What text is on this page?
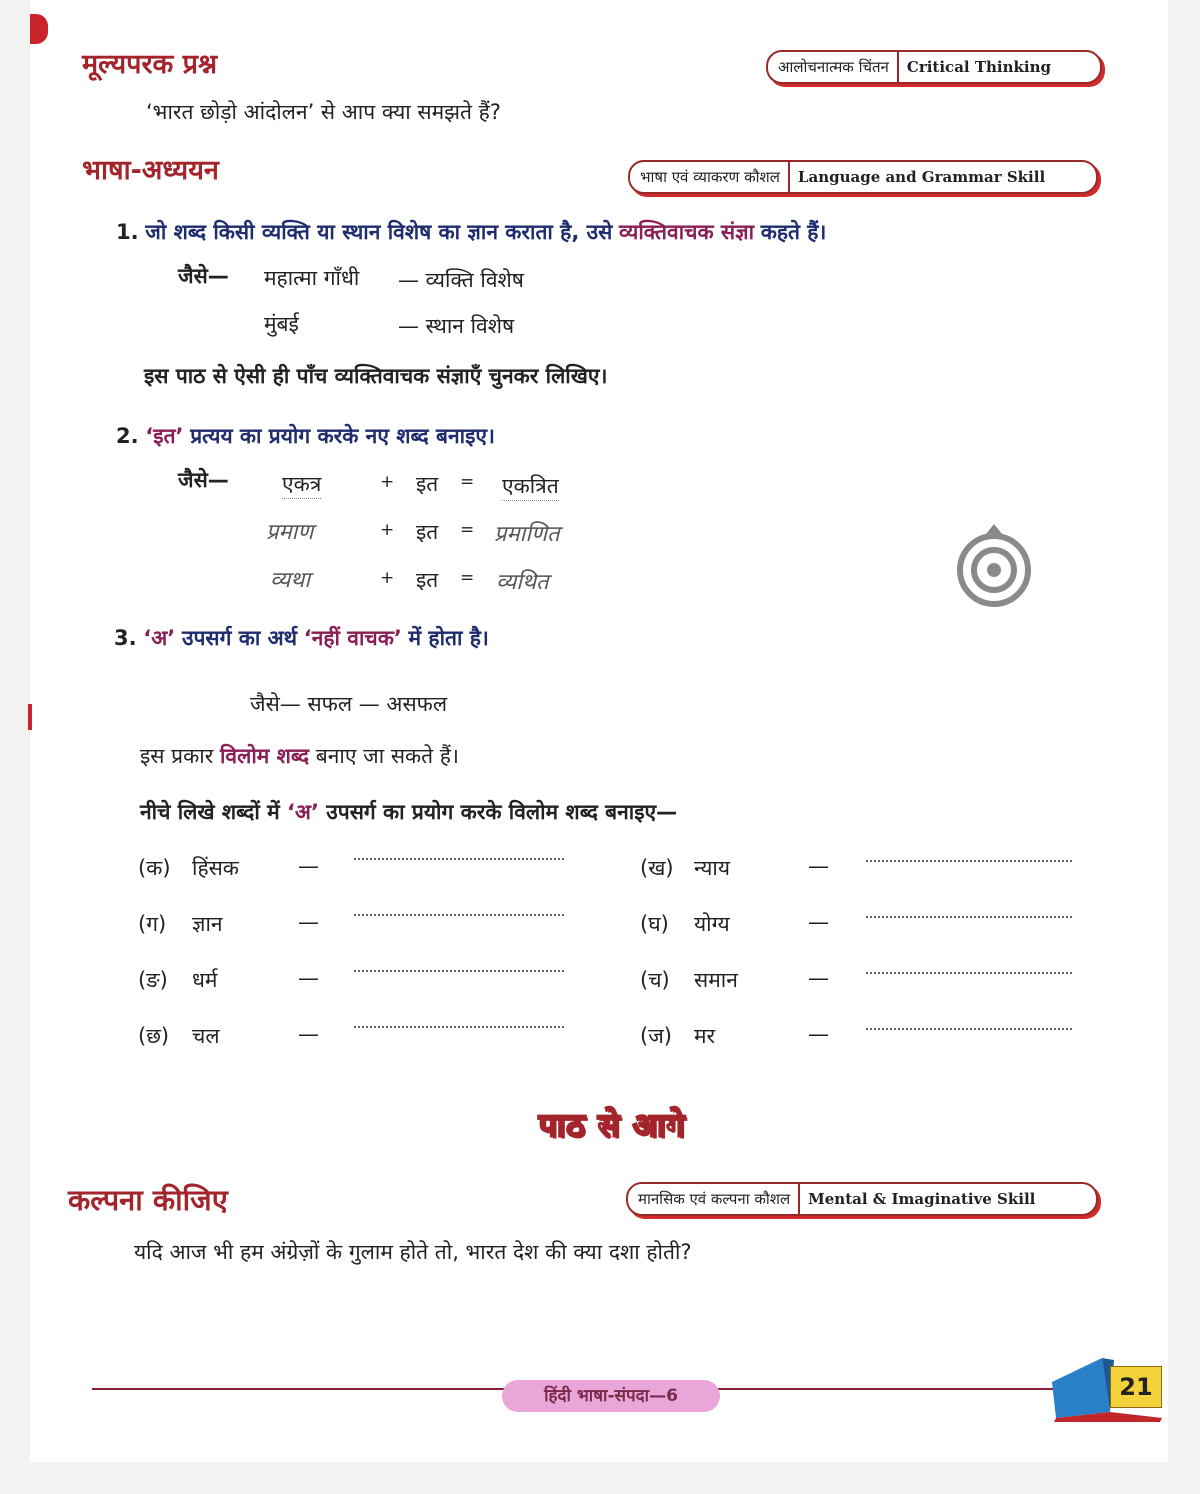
मूल्यपरक प्रश्न	आलोचनात्मक चिंतन	Critical Thinking
‘भारत छोड़ो आंदोलन’ से आप क्या समझते हैं?
भाषा-अध्ययन	भाषा एवं व्याकरण कौशल	Language and Grammar Skill
1. जो शब्द किसी व्यक्ति या स्थान विशेष का ज्ञान कराता है, उसे व्यक्तिवाचक संज्ञा कहते हैं।
जैसे— महात्मा गाँधी — व्यक्ति विशेष
मुंबई	— स्थान विशेष
इस पाठ से ऐसी ही पाँच व्यक्तिवाचक संज्ञाएँ चुनकर लिखिए।
2. ‘इत’ प्रत्यय का प्रयोग करके नए शब्द बनाइए।
जैसे—	एकत्र	+ इत = एकत्रित
प्रमाण	+ इत = प्रमाणित
व्यथा	+ इत = व्यथित
3. ‘अ’ उपसर्ग का अर्थ ‘नहीं वाचक’ में होता है।
जैसे— सफल — असफल
इस प्रकार विलोम शब्द बनाए जा सकते हैं।
नीचे लिखे शब्दों में ‘अ’ उपसर्ग का प्रयोग करके विलोम शब्द बनाइए—
(क) हिंसक	—	(ख) न्याय	—
(ग) ज्ञान	—	(घ) योग्य	—
(ङ) धर्म	—	(च) समान	—
(छ) चल	—	(ज) मर	—
पाठ से आगे
कल्पना कीजिए	मानसिक एवं कल्पना कौशल	Mental & Imaginative Skill
यदि आज भी हम अंग्रेज़ों के गुलाम होते तो, भारत देश की क्या दशा होती?
हिंदी भाषा-संपदा—6	21
